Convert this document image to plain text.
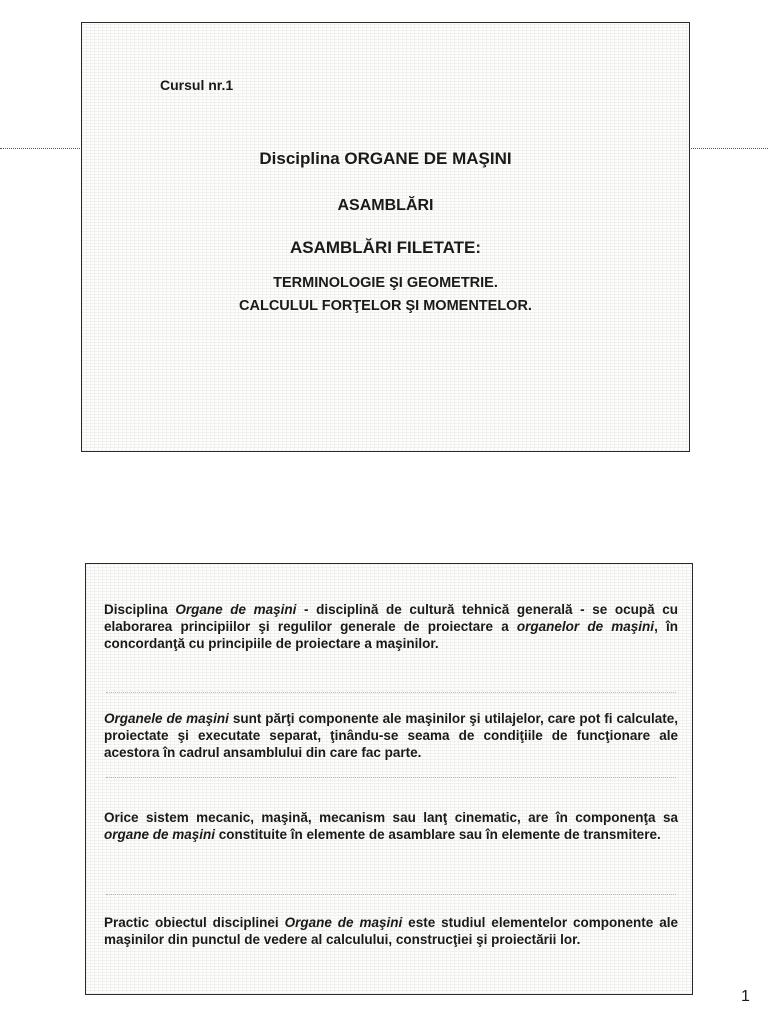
Cursul nr.1
Disciplina ORGANE DE MAŞINI
ASAMBLĂRI
ASAMBLĂRI FILETATE:
TERMINOLOGIE ŞI GEOMETRIE.
CALCULUL FORŢELOR ŞI MOMENTELOR.
Disciplina Organe de maşini - disciplină de cultură tehnică generală - se ocupă cu elaborarea principiilor şi regulilor generale de proiectare a organelor de maşini, în concordanţă cu principiile de proiectare a maşinilor.
Organele de maşini sunt părţi componente ale maşinilor şi utilajelor, care pot fi calculate, proiectate şi executate separat, ţinându-se seama de condiţiile de funcţionare ale acestora în cadrul ansamblului din care fac parte.
Orice sistem mecanic, maşină, mecanism sau lanţ cinematic, are în componenţa sa organe de maşini constituite în elemente de asamblare sau în elemente de transmitere.
Practic obiectul disciplinei Organe de maşini este studiul elementelor componente ale maşinilor din punctul de vedere al calculului, construcţiei şi proiectării lor.
1
